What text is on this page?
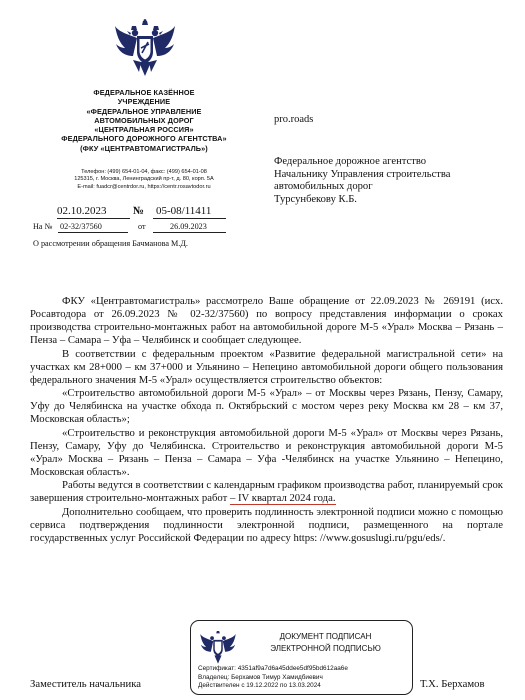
ФЕДЕРАЛЬНОЕ КАЗЁННОЕ
УЧРЕЖДЕНИЕ
«ФЕДЕРАЛЬНОЕ УПРАВЛЕНИЕ
АВТОМОБИЛЬНЫХ ДОРОГ
«ЦЕНТРАЛЬНАЯ РОССИЯ»
ФЕДЕРАЛЬНОГО ДОРОЖНОГО АГЕНТСТВА»
(ФКУ «ЦЕНТРАВТОМАГИСТРАЛЬ»)
Телефон: (499) 654-01-04, факс: (499) 654-01-08
125315, г. Москва, Ленинградский пр-т, д. 80, корп. 5А
E-mail: fuadcr@centrdor.ru, https://centr.rosavtodor.ru
02.10.2023 № 05-08/11411
На № 02-32/37560	от	26.09.2023
О рассмотрении обращения Бачманова М.Д.
pro.roads
Федеральное дорожное агентство
Начальнику Управления строительства
автомобильных дорог
Турсунбекову К.Б.

ФКУ «Центравтомагистраль» рассмотрело Ваше обращение от 22.09.2023 № 269191 (исх. Росавтодора от 26.09.2023 № 02-32/37560) по вопросу представления информации о сроках производства строительно-монтажных работ на автомобильной дороге М-5 «Урал» Москва – Рязань – Пенза – Самара – Уфа – Челябинск и сообщает следующее.

В соответствии с федеральным проектом «Развитие федеральной магистральной сети» на участках км 28+000 – км 37+000 и Ульянино – Непецино автомобильной дороги общего пользования федерального значения М-5 «Урал» осуществляется строительство объектов:

«Строительство автомобильной дороги М-5 «Урал» – от Москвы через Рязань, Пензу, Самару, Уфу до Челябинска на участке обхода п. Октябрьский с мостом через реку Москва км 28 – км 37, Московская область»;

«Строительство и реконструкция автомобильной дороги М-5 «Урал» от Москвы через Рязань, Пензу, Самару, Уфу до Челябинска. Строительство и реконструкция автомобильной дороги М-5 «Урал» Москва – Рязань – Пенза – Самара – Уфа -Челябинск на участке Ульянино – Непецино, Московская область».

Работы ведутся в соответствии с календарным графиком производства работ, планируемый срок завершения строительно-монтажных работ – IV квартал 2024 года.

Дополнительно сообщаем, что проверить подлинность электронной подписи можно с помощью сервиса подтверждения подлинности электронной подписи, размещенного на портале государственных услуг Российской Федерации по адресу https: //www.gosuslugi.ru/pgu/eds/.

Заместитель начальника
ДОКУМЕНТ ПОДПИСАН
ЭЛЕКТРОННОЙ ПОДПИСЬЮ
Сертификат: 4351af9a7d6a45ddee5df95bd612aa6e
Владелец: Берхамов Тимур Хамидбиевич
Действителен с 19.12.2022 по 13.03.2024	Т.Х. Берхамов
